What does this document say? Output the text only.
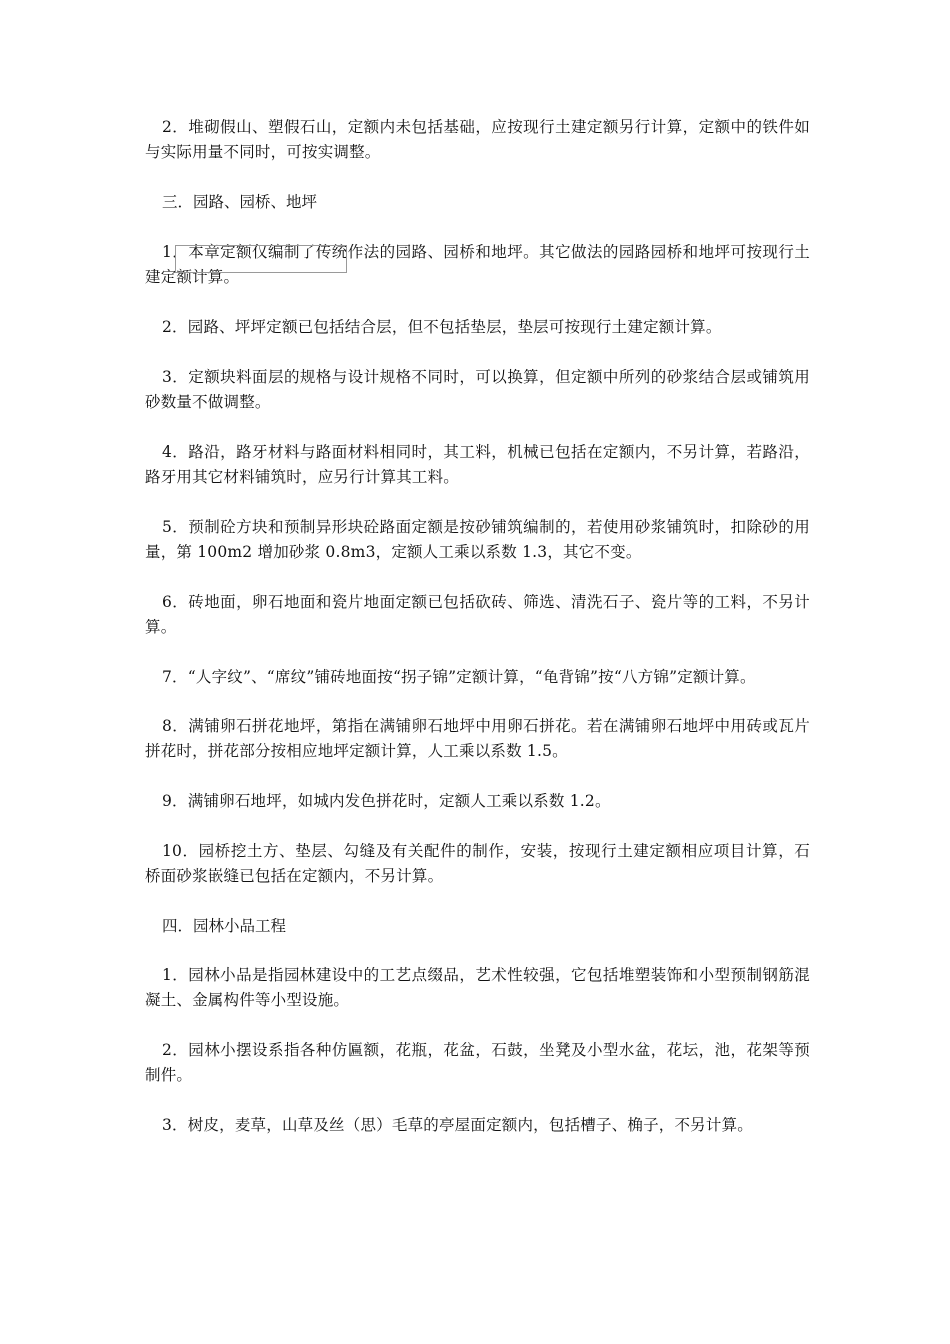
2．堆砌假山、塑假石山，定额内未包括基础，应按现行土建定额另行计算，定额中的铁件如与实际用量不同时，可按实调整。

三．园路、园桥、地坪

1．本章定额仅编制了传统作法的园路、园桥和地坪。其它做法的园路园桥和地坪可按现行土建定额计算。

2．园路、坪坪定额已包括结合层，但不包括垫层，垫层可按现行土建定额计算。

3．定额块料面层的规格与设计规格不同时，可以换算，但定额中所列的砂浆结合层或铺筑用砂数量不做调整。

4．路沿，路牙材料与路面材料相同时，其工料，机械已包括在定额内，不另计算，若路沿，路牙用其它材料铺筑时，应另行计算其工料。

5．预制砼方块和预制异形块砼路面定额是按砂铺筑编制的，若使用砂浆铺筑时，扣除砂的用量，第 100m2 增加砂浆 0.8m3，定额人工乘以系数 1.3，其它不变。

6．砖地面，卵石地面和瓷片地面定额已包括砍砖、筛选、清洗石子、瓷片等的工料，不另计算。

7．“人字纹”、“席纹”铺砖地面按“拐子锦”定额计算，“龟背锦”按“八方锦”定额计算。

8．满铺卵石拼花地坪，第指在满铺卵石地坪中用卵石拼花。若在满铺卵石地坪中用砖或瓦片拼花时，拼花部分按相应地坪定额计算，人工乘以系数 1.5。

9．满铺卵石地坪，如城内发色拼花时，定额人工乘以系数 1.2。

10．园桥挖土方、垫层、勾缝及有关配件的制作，安装，按现行土建定额相应项目计算，石桥面砂浆嵌缝已包括在定额内，不另计算。

四．园林小品工程

1．园林小品是指园林建设中的工艺点缀品，艺术性较强，它包括堆塑装饰和小型预制钢筋混凝土、金属构件等小型设施。

2．园林小摆设系指各种仿匾额，花瓶，花盆，石鼓，坐凳及小型水盆，花坛，池，花架等预制件。

3．树皮，麦草，山草及丝（思）毛草的亭屋面定额内，包括槽子、桷子，不另计算。
